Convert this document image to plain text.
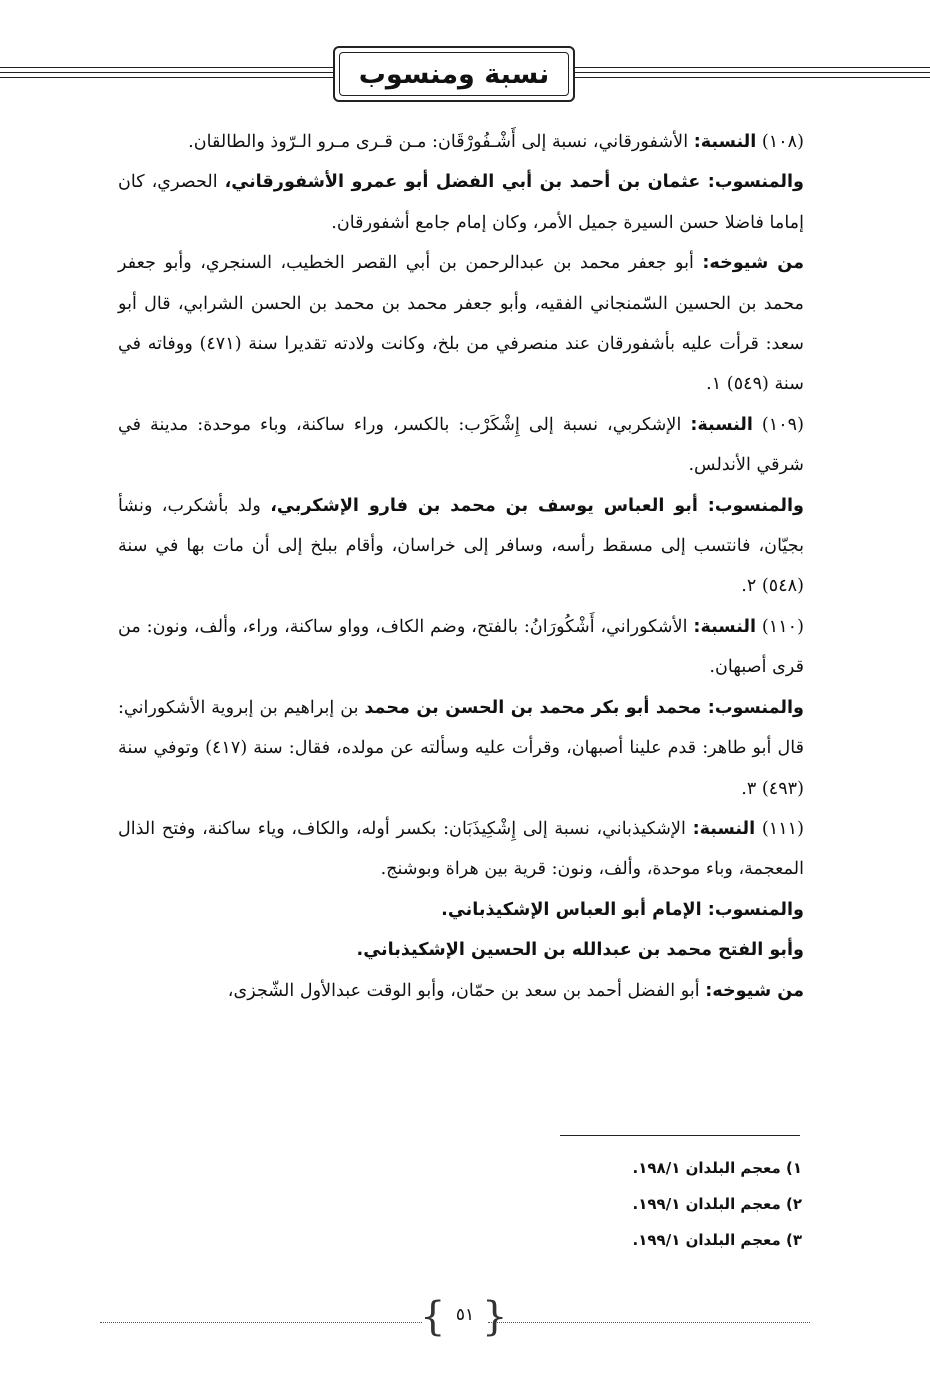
نسبة ومنسوب

(١٠٨) النسبة: الأشفورقاني، نسبة إلى أَشْـفُورْقَان: مـن قـرى مـرو الـرّوذ والطالقان.

والمنسوب: عثمان بن أحمد بن أبي الفضل أبو عمرو الأشفورقاني، الحصري، كان إماما فاضلا حسن السيرة جميل الأمر، وكان إمام جامع أشفورقان.

من شيوخه: أبو جعفر محمد بن عبدالرحمن بن أبي القصر الخطيب، السنجري، وأبو جعفر محمد بن الحسين السّمنجاني الفقيه، وأبو جعفر محمد بن محمد بن الحسن الشرابي، قال أبو سعد: قرأت عليه بأشفورقان عند منصرفي من بلخ، وكانت ولادته تقديرا سنة (٤٧١) ووفاته في سنة (٥٤٩) ١.

(١٠٩) النسبة: الإشكربي، نسبة إلى إِشْكَرْب: بالكسر، وراء ساكنة، وباء موحدة: مدينة في شرقي الأندلس.

والمنسوب: أبو العباس يوسف بن محمد بن فارو الإشكربي، ولد بأشكرب، ونشأ بجيّان، فانتسب إلى مسقط رأسه، وسافر إلى خراسان، وأقام ببلخ إلى أن مات بها في سنة (٥٤٨) ٢.

(١١٠) النسبة: الأشكوراني، أَشْكُورَانُ: بالفتح، وضم الكاف، وواو ساكنة، وراء، وألف، ونون: من قرى أصبهان.

والمنسوب: محمد أبو بكر محمد بن الحسن بن محمد بن إبراهيم بن إبروية الأشكوراني: قال أبو طاهر: قدم علينا أصبهان، وقرأت عليه وسألته عن مولده، فقال: سنة (٤١٧) وتوفي سنة (٤٩٣) ٣.

(١١١) النسبة: الإشكيذباني، نسبة إلى إِشْكِيذَبَان: بكسر أوله، والكاف، وياء ساكنة، وفتح الذال المعجمة، وباء موحدة، وألف، ونون: قرية بين هراة وبوشنج.

والمنسوب: الإمام أبو العباس الإشكيذباني.

وأبو الفتح محمد بن عبدالله بن الحسين الإشكيذباني.

من شيوخه: أبو الفضل أحمد بن سعد بن حمّان، وأبو الوقت عبدالأول الشّجزى،

١) معجم البلدان ١٩٨/١.
٢) معجم البلدان ١٩٩/١.
٣) معجم البلدان ١٩٩/١.
{ }
٥١
